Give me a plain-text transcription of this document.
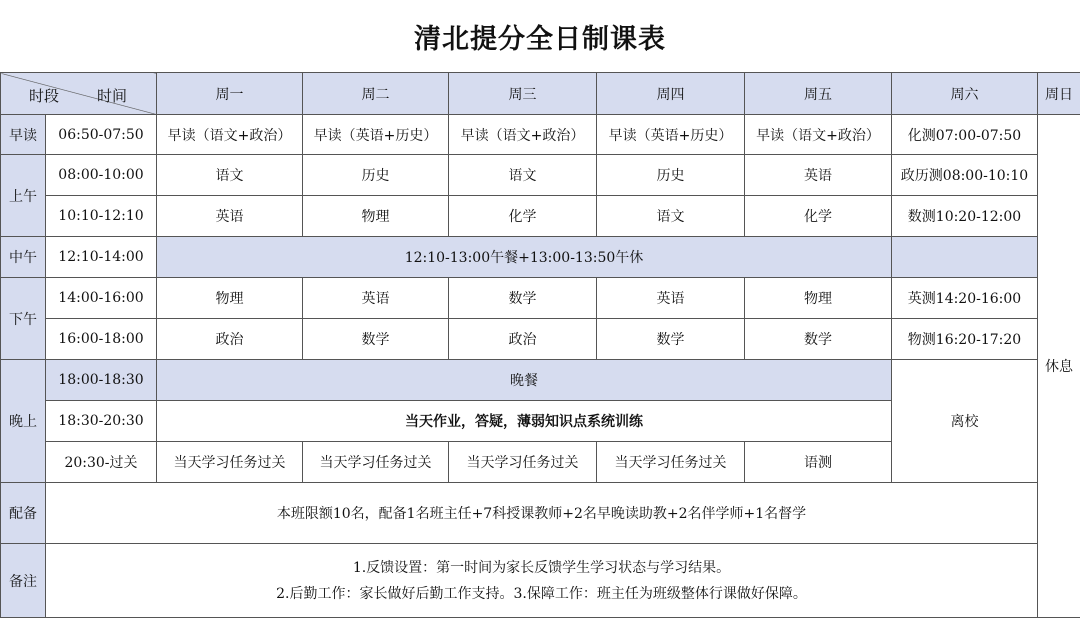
清北提分全日制课表
时段 时间		周一	周二	周三	周四	周五	周六	周日
早读	06:50-07:50	早读（语文+政治）	早读（英语+历史）	早读（语文+政治）	早读（英语+历史）	早读（语文+政治）	化测07:00-07:50	休息
上午	08:00-10:00	语文	历史	语文	历史	英语	政历测08:00-10:10	
	10:10-12:10	英语	物理	化学	语文	化学	数测10:20-12:00	
中午	12:10-14:00	12:10-13:00午餐+13:00-13:50午休						
下午	14:00-16:00	物理	英语	数学	英语	物理	英测14:20-16:00	
	16:00-18:00	政治	数学	政治	数学	数学	物测16:20-17:20	
晚上	18:00-18:30	晚餐					离校	
	18:30-20:30	当天作业，答疑，薄弱知识点系统训练						
	20:30-过关	当天学习任务过关	当天学习任务过关	当天学习任务过关	当天学习任务过关	语测		
配备	本班限额10名，配备1名班主任+7科授课教师+2名早晚读助教+2名伴学师+1名督学							
备注	1.反馈设置：第一时间为家长反馈学生学习状态与学习结果。
2.后勤工作：家长做好后勤工作支持。3.保障工作：班主任为班级整体行课做好保障。							
